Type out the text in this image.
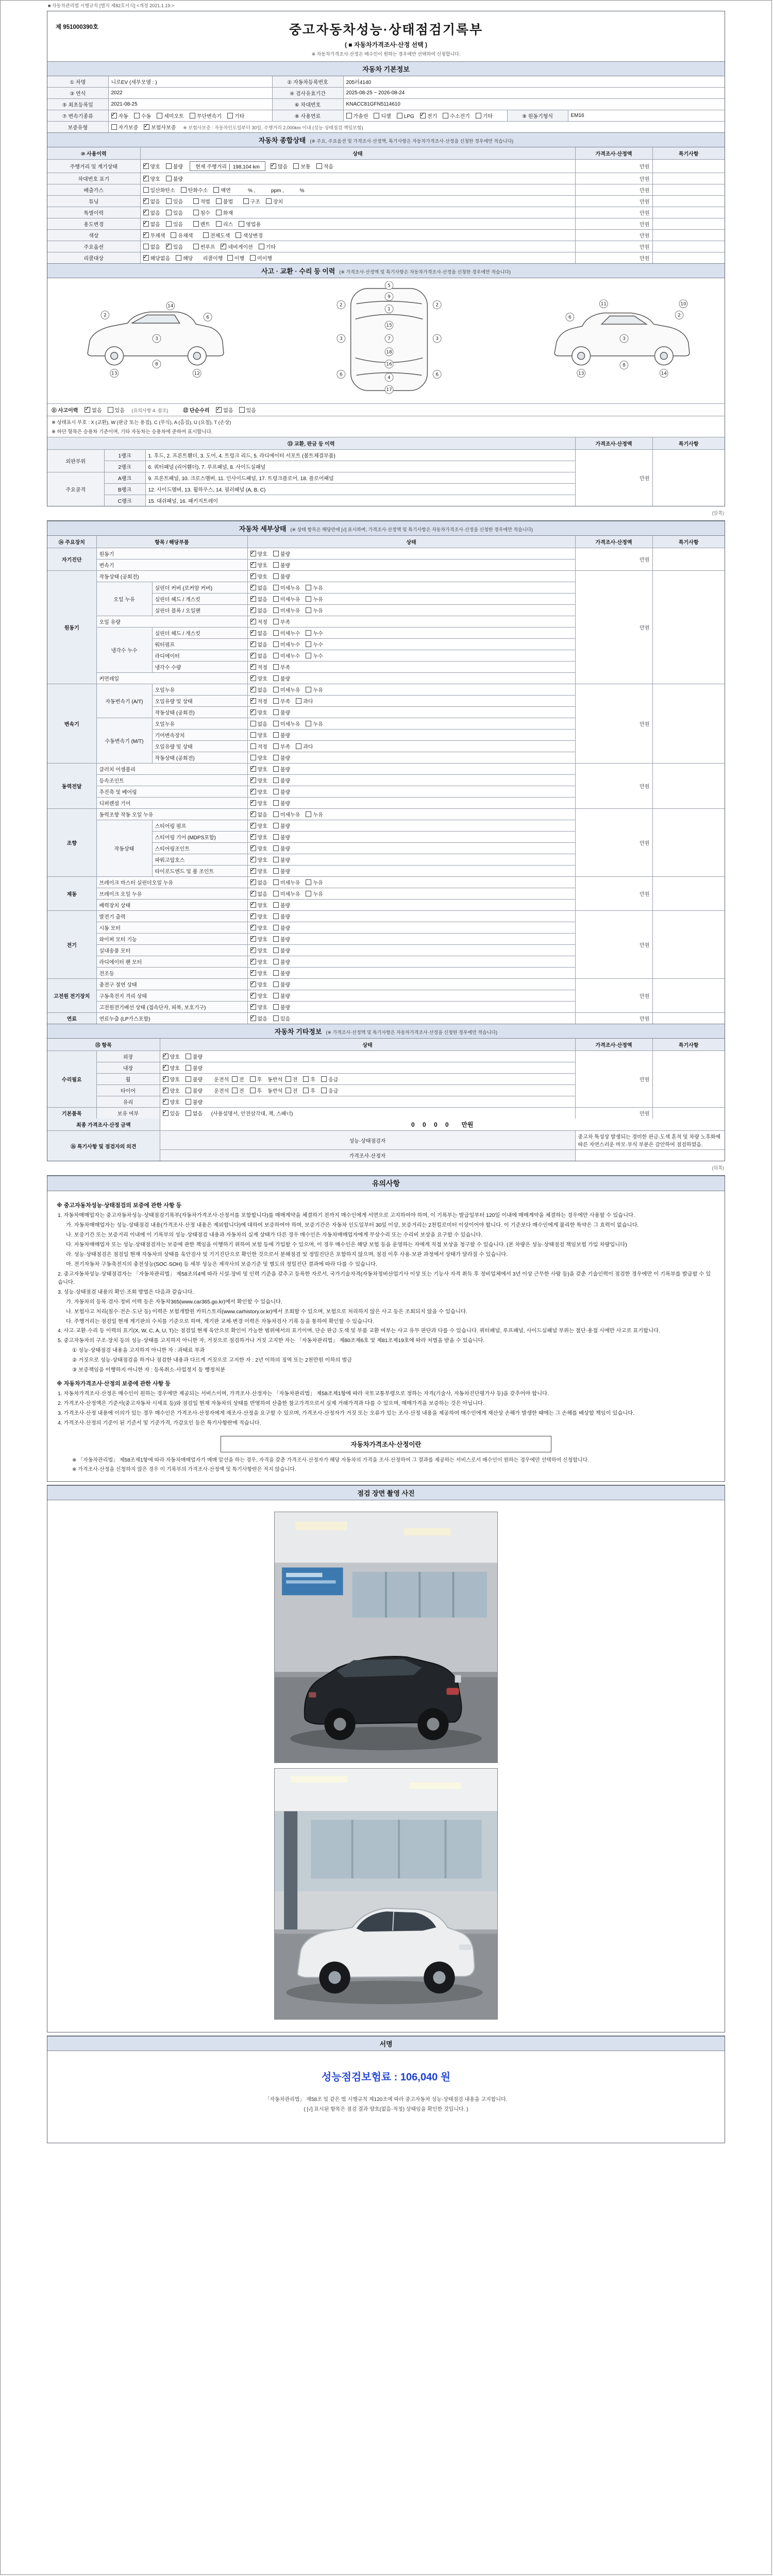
■ 자동차관리법 시행규칙 [별지 제82호서식] <개정 2021.1.19.>
제 951000390호	중고자동차성능·상태점검기록부
( ■ 자동차가격조사·산정 선택 )
※ 자동차가격조사·산정은 매수인이 원하는 경우에만 선택하여 신청합니다.
자동차 기본정보
① 차명	니로EV (세부모델 : )	② 자동차등록번호	205러4140		
③ 연식	2022	④ 검사유효기간	2025-08-25 ~ 2026-08-24		
⑤ 최초등록일	2021-08-25	⑥ 차대번호	KNACC81GFN5114610		
⑦ 변속기종류	✓자동 수동 세미오토 무단변속기 기타	⑧ 사용연료	가솔린 디젤 LPG ✓ 전기 수소전기 기타	⑨ 원동기형식	EM16
보증유형	자가보증 ✓ 보험사보증 ※ 보험사보증 : 자동차인도일부터 30일, 주행거리 2,000km 이내 (성능·상태점검 책임보험)
자동차 종합상태 (※ 주요, 주요옵션 및 가격조사·산정액, 특기사항은 자동차가격조사·산정을 신청한 경우에만 적습니다)
⑩ 사용이력	상태	가격조사·산정액	특기사항
주행거리 및 계기상태	✓양호 불량 현재 주행거리 │ 198,104 km ✓ 많음 보통 적음	만원	
차대번호 표기	✓양호 불량	만원	
배출가스	일산화탄소 탄화수소 매연        % ,           ppm ,           %	만원	
튜닝	✓없음 있음 적법 불법 구조 장치	만원	
특별이력	✓없음 있음 침수 화재	만원	
용도변경	✓없음 있음 렌트 리스 영업용	만원	
색상	✓무채색 유채색 전체도색 색상변경	만원	
주요옵션	없음 ✓ 있음 썬루프 ✓ 네비게이션 기타	만원	
리콜대상	✓해당없음 해당   리콜이행   이행 미이행	만원	
사고 · 교환 · 수리 등 이력 (※ 가격조사·산정액 및 특기사항은 자동차가격조사·산정을 신청한 경우에만 적습니다)
2
3
6
8
13
14
12
5
9
1
15
7
18
16
4
17
2	2
3	3
6	6
2
3
6
8
10
11
13	14
⑪ 사고이력 ✓	없음	있음 (유의사항 4. 참조)	⑫ 단순수리 ✓	없음	있음
※ 상태표시 부호 : X (교환), W (판금 또는 용접), C (부식), A (흠집), U (요철), T (손상)
※ 하단 항목은 승용차 기준이며, 기타 자동차는 승용차에 준하여 표시합니다.
⑬ 교환, 판금 등 이력			가격조사·산정액	특기사항
외판부위	1랭크	1. 후드, 2. 프론트휀더, 3. 도어, 4. 트렁크 리드, 5. 라디에이터 서포트 (볼트체결부품)	만원	
	2랭크	6. 쿼터패널 (리어휀더), 7. 루프패널, 8. 사이드실패널		
주요골격	A랭크	9. 프론트패널, 10. 크로스멤버, 11. 인사이드패널, 17. 트렁크플로어, 18. 플로어패널		
	B랭크	12. 사이드멤버, 13. 휠하우스, 14. 필러패널 (A, B, C)		
	C랭크	15. 대쉬패널, 16. 패키지트레이		
(앞쪽)
자동차 세부상태 (※ 상태 항목은 해당란에 [√] 표시하며, 가격조사·산정액 및 특기사항은 자동차가격조사·산정을 신청한 경우에만 적습니다)
⑭ 주요장치	항목 / 해당부품		상태	가격조사·산정액	특기사항
자기진단	원동기	✓양호 불량	만원	
	변속기	✓양호 불량
원동기	작동상태 (공회전)	✓양호 불량	만원	
	오일 누유	실린더 커버 (로커암 커버)	✓없음 미세누유 누유
		실린더 헤드 / 개스킷	✓없음 미세누유 누유
		실린더 블록 / 오일팬	✓없음 미세누유 누유
	오일 유량	✓적정 부족
	냉각수 누수	실린더 헤드 / 개스킷	✓없음 미세누수 누수
		워터펌프	✓없음 미세누수 누수
		라디에이터	✓없음 미세누수 누수
		냉각수 수량	✓적정 부족
	커먼레일	✓양호 불량
변속기	자동변속기 (A/T)	오일누유	✓없음 미세누유 누유	만원	
		오일유량 및 상태	✓적정 부족 과다
		작동상태 (공회전)	✓양호 불량
	수동변속기 (M/T)	오일누유	없음 미세누유 누유		
		기어변속장치	양호 불량		
		오일유량 및 상태	적정 부족 과다		
		작동상태 (공회전)	양호 불량		
동력전달	클러치 어셈블리	✓양호 불량	만원	
	등속조인트	✓양호 불량
	추진축 및 베어링	✓양호 불량
	디퍼렌셜 기어	✓양호 불량
조향	동력조향 작동 오일 누유	✓없음 미세누유 누유	만원	
	작동상태	스티어링 펌프	✓양호 불량
		스티어링 기어 (MDPS포함)	✓양호 불량
		스티어링조인트	✓양호 불량
		파워고압호스	✓양호 불량
		타이로드엔드 및 볼 조인트	✓양호 불량
제동	브레이크 마스터 실린더오일 누유	✓없음 미세누유 누유	만원	
	브레이크 오일 누유	✓없음 미세누유 누유
	배력장치 상태	✓양호 불량
전기	발전기 출력	✓양호 불량	만원	
	시동 모터	✓양호 불량
	와이퍼 모터 기능	✓양호 불량
	실내송풍 모터	✓양호 불량
	라디에이터 팬 모터	✓양호 불량
	전조등	✓양호 불량
고전원 전기장치	충전구 절연 상태	✓양호 불량	만원	
	구동축전지 격리 상태	✓양호 불량
	고전원전기배선 상태 (접속단자, 피복, 보호기구)	✓양호 불량
연료	연료누출 (LP가스포함)	✓없음 있음	만원	
자동차 기타정보 (※ 가격조사·산정액 및 특기사항은 자동차가격조사·산정을 신청한 경우에만 적습니다)
⑮ 항목		상태	가격조사·산정액	특기사항
수리필요	외장	✓양호 불량	만원	
	내장	✓양호 불량
	휠	✓양호 불량    운전석  전 후 동반석  전 후 응급
	타이어	✓양호 불량    운전석  전 후 동반석  전 후 응급
	유리	✓양호 불량
기본품목	보유 여부	✓있음 없음  (사용설명서, 안전삼각대, 잭, 스패너)	만원	
최종 가격조사·산정 금액	0 0 0 0 만원	
⑯ 특기사항 및 점검자의 의견	성능·상태점검자	중고차 특성상 발생되는 경미한 판금·도색 흔적 및 차량 노후화에 따른 자연스러운 마모·부식 부분은 감안하여 점검하였음.
	가격조사·산정자	
(뒤쪽)
유의사항

※ 중고자동차성능·상태점검의 보증에 관한 사항 등

1. 자동차매매업자는 중고자동차성능·상태점검기록부(자동차가격조사·산정서를 포함합니다)를 매매계약을 체결하기 전까지 매수인에게 서면으로 고지하여야 하며, 이 기록부는 발급일부터 120일 이내에 매매계약을 체결하는 경우에만 사용할 수 있습니다.

가. 자동차매매업자는 성능·상태점검 내용(가격조사·산정 내용은 제외합니다)에 대하여 보증하여야 하며, 보증기간은 자동차 인도일부터 30일 이상, 보증거리는 2천킬로미터 이상이어야 합니다. 이 기준보다 매수인에게 불리한 특약은 그 효력이 없습니다.

나. 보증기간 또는 보증거리 이내에 이 기록부의 성능·상태점검 내용과 자동차의 실제 상태가 다른 경우 매수인은 자동차매매업자에게 무상수리 또는 수리비 보상을 요구할 수 있습니다.

다. 자동차매매업자 또는 성능·상태점검자는 보증에 관한 책임을 이행하기 위하여 보험 등에 가입할 수 있으며, 이 경우 매수인은 해당 보험 등을 운영하는 자에게 직접 보상을 청구할 수 있습니다. (본 차량은 성능·상태점검 책임보험 가입 차량입니다)

라. 성능·상태점검은 점검일 현재 자동차의 상태를 육안검사 및 기기진단으로 확인한 것으로서 분해점검 및 정밀진단은 포함하지 않으며, 점검 이후 사용·보관 과정에서 상태가 달라질 수 있습니다.

마. 전기자동차 구동축전지의 충전성능(SOC·SOH) 등 세부 성능은 제작사의 보증기준 및 별도의 정밀진단 결과에 따라 다를 수 있습니다.

2. 중고자동차성능·상태점검자는 「자동차관리법」 제58조의4에 따라 시설·장비 및 인력 기준을 갖추고 등록한 자로서, 국가기술자격(자동차정비산업기사 이상 또는 기능사 자격 취득 후 정비업체에서 3년 이상 근무한 사람 등)을 갖춘 기술인력이 점검한 경우에만 이 기록부를 발급할 수 있습니다.

3. 성능·상태점검 내용의 확인·조회 방법은 다음과 같습니다.

가. 자동차의 등록·검사·정비 이력 등은 자동차365(www.car365.go.kr)에서 확인할 수 있습니다.

나. 보험사고 처리(침수·전손·도난 등) 이력은 보험개발원 카히스토리(www.carhistory.or.kr)에서 조회할 수 있으며, 보험으로 처리하지 않은 사고 등은 조회되지 않을 수 있습니다.

다. 주행거리는 점검일 현재 계기판의 수치를 기준으로 하며, 계기판 교체·변경 이력은 자동차검사 기록 등을 통하여 확인할 수 있습니다.

4. 사고·교환·수리 등 이력의 표기(X, W, C, A, U, T)는 점검일 현재 육안으로 확인이 가능한 범위에서의 표기이며, 단순 판금·도색 및 부품 교환 여부는 사고 유무 판단과 다를 수 있습니다. 쿼터패널, 루프패널, 사이드실패널 부위는 절단·용접 시에만 사고로 표기합니다.

5. 중고자동차의 구조·장치 등의 성능·상태를 고지하지 아니한 자, 거짓으로 점검하거나 거짓 고지한 자는 「자동차관리법」 제80조제6호 및 제81조제19호에 따라 처벌을 받을 수 있습니다.

① 성능·상태점검 내용을 고지하지 아니한 자 : 과태료 부과

② 거짓으로 성능·상태점검을 하거나 점검한 내용과 다르게 거짓으로 고지한 자 : 2년 이하의 징역 또는 2천만원 이하의 벌금

③ 보증책임을 이행하지 아니한 자 : 등록취소·사업정지 등 행정처분

※ 자동차가격조사·산정의 보증에 관한 사항 등

1. 자동차가격조사·산정은 매수인이 원하는 경우에만 제공되는 서비스이며, 가격조사·산정자는 「자동차관리법」 제58조제1항에 따라 국토교통부령으로 정하는 자격(기술사, 자동차진단평가사 등)을 갖추어야 합니다.

2. 가격조사·산정액은 기준서(중고자동차 시세표 등)와 점검일 현재 자동차의 상태를 반영하여 산출한 참고가격으로서 실제 거래가격과 다를 수 있으며, 매매가격을 보증하는 것은 아닙니다.

3. 가격조사·산정 내용에 이의가 있는 경우 매수인은 가격조사·산정자에게 재조사·산정을 요구할 수 있으며, 가격조사·산정자가 거짓 또는 오류가 있는 조사·산정 내용을 제공하여 매수인에게 재산상 손해가 발생한 때에는 그 손해를 배상할 책임이 있습니다.

4. 가격조사·산정의 기준이 된 기준서 및 기준가격, 가감요인 등은 특기사항란에 적습니다.

자동차가격조사·산정이란

※ 「자동차관리법」 제58조제1항에 따라 자동차매매업자가 매매 알선을 하는 경우, 자격을 갖춘 가격조사·산정자가 해당 자동차의 가격을 조사·산정하여 그 결과를 제공하는 서비스로서 매수인이 원하는 경우에만 선택하여 신청합니다.

※ 가격조사·산정을 신청하지 않은 경우 이 기록부의 가격조사·산정액 및 특기사항란은 적지 않습니다.

점검 장면 촬영 사진
서명
성능점검보험료 : 106,040 원

「자동차관리법」 제58조 및 같은 법 시행규칙 제120조에 따라 중고자동차 성능·상태점검 내용을 고지합니다.

( [√] 표시된 항목은 점검 결과 양호(없음·적정) 상태임을 확인한 것입니다. )
